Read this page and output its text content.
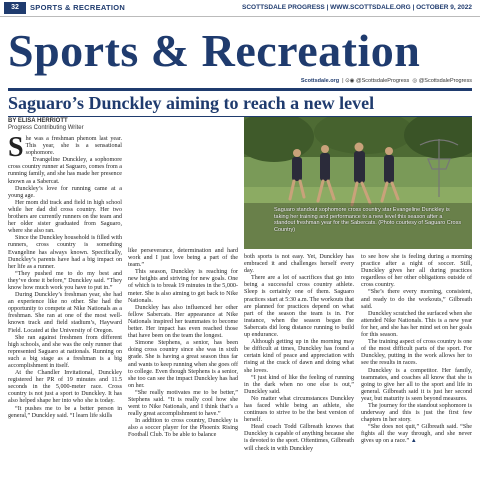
32	SPORTS & RECREATION	SCOTTSDALE PROGRESS | WWW.SCOTTSDALE.ORG | OCTOBER 9, 2022
Sports & Recreation
Scottsdale.org  | ⊙◉ @ScottsdaleProgress ◎ @ScottsdaleProgress
Saguaro’s Dunckley aiming to reach a new level
BY ELISA HERRIOTT
Progress Contributing Writer
Saguaro standout sophomore cross country star Evangeline Dunckley is taking her training and performance to a new level this season after a standout freshman year for the Sabercats. (Photo courtesy of Saguaro Cross Country)

She was a freshman phenom last year. This year, she is a sensational sophomore.

Evangeline Dunckley, a sophomore cross country runner at Saguaro, comes from a running family, and she has made her presence known as a Sabercat.

Dunckley’s love for running came at a young age.

Her mom did track and field in high school while her dad did cross country. Her two brothers are currently runners on the team and her older sister graduated from Saguaro, where she also ran.

Since the Dunckley household is filled with runners, cross country is something Evangeline has always known. Specifically, Dunckley’s parents have had a big impact on her life as a runner.

“They pushed me to do my best and they’ve done it before,” Dunckley said. “They know how much work you have to put in.”

During Dunckley’s freshman year, she had an experience like no other. She had the opportunity to compete at Nike Nationals as a freshman. She ran at one of the most well-known track and field stadium’s, Hayward Field. Located at the University of Oregon.

She ran against freshmen from different high schools, and she was the only runner that represented Saguaro at nationals. Running on such a big stage as a freshman is a big accomplishment in itself.

At the Chandler Invitational, Dunckley registered her PR of 19 minutes and 11.5 seconds in the 5,000-meter race. Cross country is not just a sport to Dunckley. It has also helped shape her into who she is today.

“It pushes me to be a better person in general,” Dunckley said. “I learn life skills

like perseverance, determination and hard work and I just love being a part of the team.”

This season, Dunckley is reaching for new heights and striving for new goals. One of which is to break 19 minutes in the 5,000-meter. She is also aiming to get back to Nike Nationals.

Dunckley has also influenced her other fellow Sabercats. Her appearance at Nike Nationals inspired her teammates to become better. Her impact has even reached those that have been on the team the longest.

Simone Stephens, a senior, has been doing cross country since she was in sixth grade. She is having a great season thus far and wants to keep running when she goes off to college. Even though Stephens is a senior, she too can see the impact Dunckley has had on her.

“She really motivates me to be better,” Stephens said. “It is really cool how she went to Nike Nationals, and I think that’s a really great accomplishment to have.”

In addition to cross country, Dunckley is also a soccer player for the Phoenix Rising Football Club. To be able to balance

both sports is not easy. Yet, Dunckley has embraced it and challenges herself every day.

There are a lot of sacrifices that go into being a successful cross country athlete. Sleep is certainly one of them. Saguaro practices start at 5:30 a.m. The workouts that are planned for practices depend on what part of the season the team is in. For instance, when the season began the Sabercats did long distance running to build up endurance.

Although getting up in the morning may be difficult at times, Dunckley has found a certain kind of peace and appreciation with rising at the crack of dawn and doing what she loves.

“I just kind of like the feeling of running in the dark when no one else is out,” Dunckley said.

No matter what circumstances Dunckley has faced while being an athlete, she continues to strive to be the best version of herself.

Head coach Todd Gilbreath knows that Dunckley is capable of anything because she is devoted to the sport. Oftentimes, Gilbreath will check in with Dunckley

to see how she is feeling during a morning practice after a night of soccer. Still, Dunckley gives her all during practices regardless of her other obligations outside of cross country.

“She’s there every morning, consistent, and ready to do the workouts,” Gilbreath said.

Dunckley scratched the surfaced when she attended Nike Nationals. This is a new year for her, and she has her mind set on her goals for this season.

The training aspect of cross country is one of the most difficult parts of the sport. For Dunckley, putting in the work allows her to see the results in races.

Dunckley is a competitor. Her family, teammates, and coaches all know that she is going to give her all to the sport and life in general. Gilbreath said it is just her second year, but maturity is seen beyond measures.

The journey for the standout sophomore is underway and this is just the first few chapters in her story.

“She does not quit,” Gilbreath said. “She fights all the way through, and she never gives up on a race.” ▲
